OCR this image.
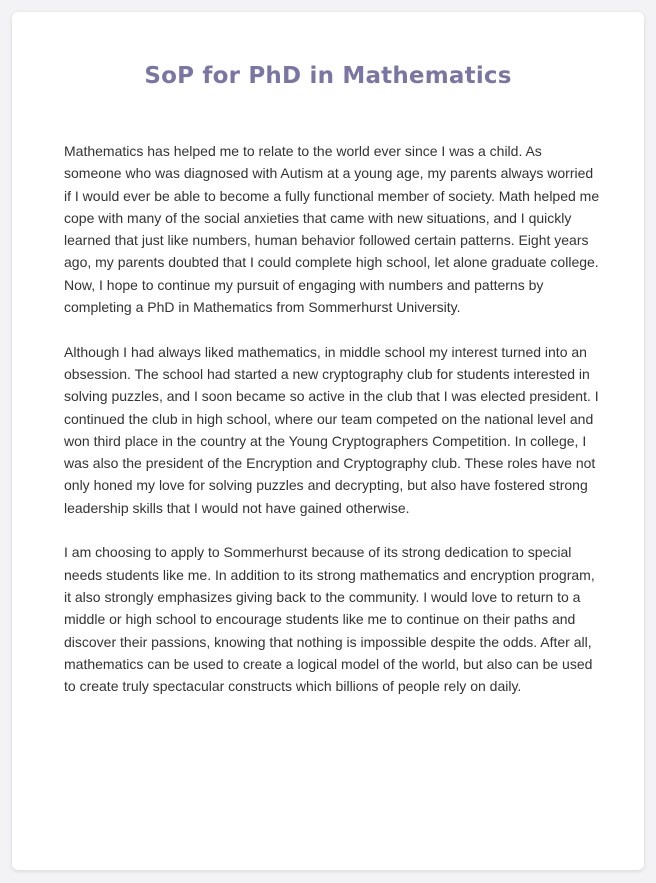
SoP for PhD in Mathematics

Mathematics has helped me to relate to the world ever since I was a child. As someone who was diagnosed with Autism at a young age, my parents always worried if I would ever be able to become a fully functional member of society. Math helped me cope with many of the social anxieties that came with new situations, and I quickly learned that just like numbers, human behavior followed certain patterns. Eight years ago, my parents doubted that I could complete high school, let alone graduate college. Now, I hope to continue my pursuit of engaging with numbers and patterns by completing a PhD in Mathematics from Sommerhurst University.

Although I had always liked mathematics, in middle school my interest turned into an obsession. The school had started a new cryptography club for students interested in solving puzzles, and I soon became so active in the club that I was elected president. I continued the club in high school, where our team competed on the national level and won third place in the country at the Young Cryptographers Competition. In college, I was also the president of the Encryption and Cryptography club. These roles have not only honed my love for solving puzzles and decrypting, but also have fostered strong leadership skills that I would not have gained otherwise.

I am choosing to apply to Sommerhurst because of its strong dedication to special needs students like me. In addition to its strong mathematics and encryption program, it also strongly emphasizes giving back to the community. I would love to return to a middle or high school to encourage students like me to continue on their paths and discover their passions, knowing that nothing is impossible despite the odds. After all, mathematics can be used to create a logical model of the world, but also can be used to create truly spectacular constructs which billions of people rely on daily.
